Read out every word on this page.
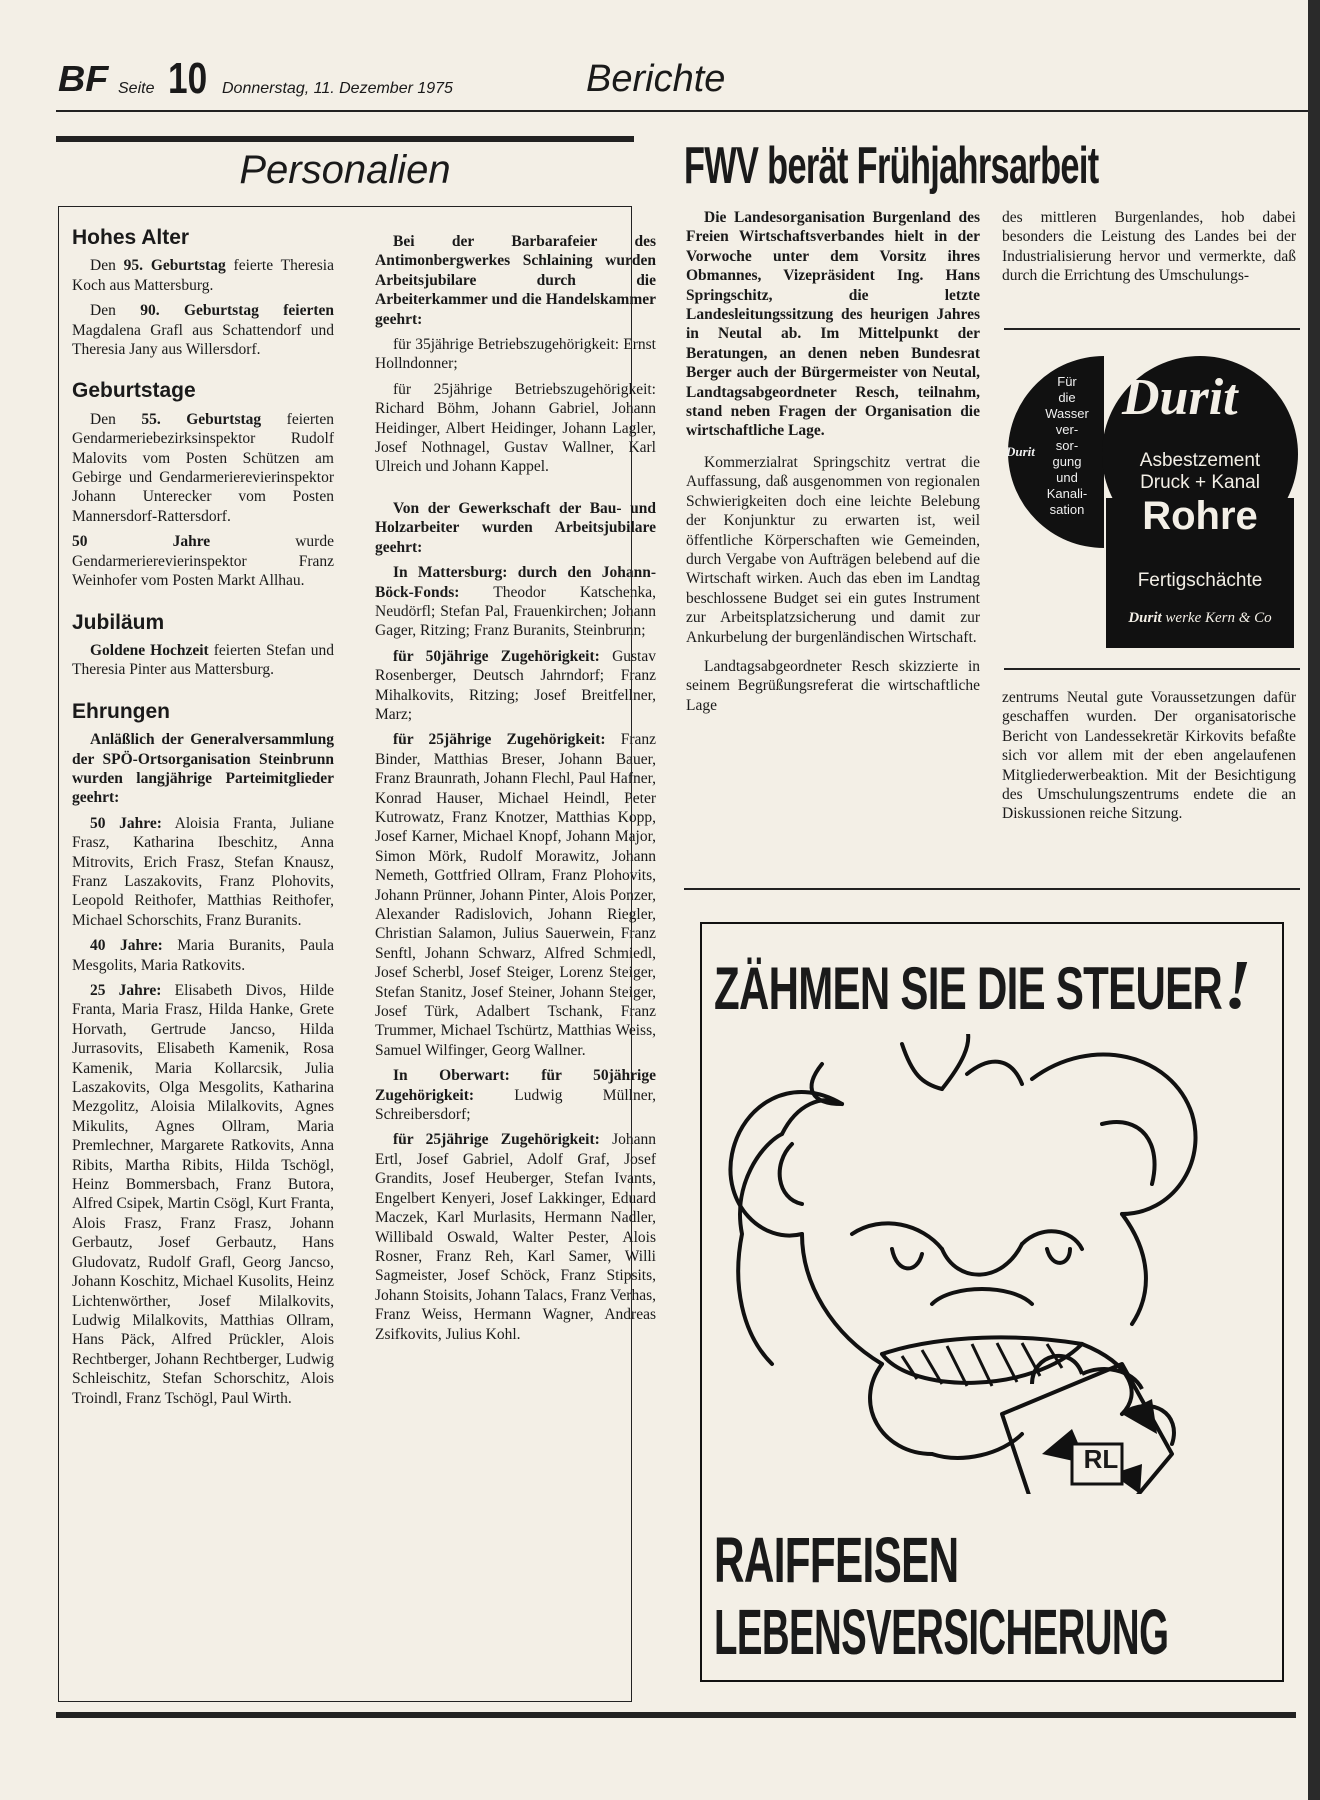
BF Seite 10 Donnerstag, 11. Dezember 1975	Berichte
Personalien
Hohes Alter

Den 95. Geburtstag feierte Theresia Koch aus Mattersburg.

Den 90. Geburtstag feierten Magdalena Grafl aus Schattendorf und Theresia Jany aus Willersdorf.

Geburtstage

Den 55. Geburtstag feierten Gendarmeriebezirksinspektor Rudolf Malovits vom Posten Schützen am Gebirge und Gendarmerierevierinspektor Johann Unterecker vom Posten Mannersdorf-Rattersdorf.

50 Jahre wurde Gendarmerierevierinspektor Franz Weinhofer vom Posten Markt Allhau.

Jubiläum

Goldene Hochzeit feierten Stefan und Theresia Pinter aus Mattersburg.

Ehrungen

Anläßlich der Generalversammlung der SPÖ-Ortsorganisation Steinbrunn wurden langjährige Parteimitglieder geehrt:

50 Jahre: Aloisia Franta, Juliane Frasz, Katharina Ibeschitz, Anna Mitrovits, Erich Frasz, Stefan Knausz, Franz Laszakovits, Franz Plohovits, Leopold Reithofer, Matthias Reithofer, Michael Schorschits, Franz Buranits.

40 Jahre: Maria Buranits, Paula Mesgolits, Maria Ratkovits.

25 Jahre: Elisabeth Divos, Hilde Franta, Maria Frasz, Hilda Hanke, Grete Horvath, Gertrude Jancso, Hilda Jurrasovits, Elisabeth Kamenik, Rosa Kamenik, Maria Kollarcsik, Julia Laszakovits, Olga Mesgolits, Katharina Mezgolitz, Aloisia Milalkovits, Agnes Mikulits, Agnes Ollram, Maria Premlechner, Margarete Ratkovits, Anna Ribits, Martha Ribits, Hilda Tschögl, Heinz Bommersbach, Franz Butora, Alfred Csipek, Martin Csögl, Kurt Franta, Alois Frasz, Franz Frasz, Johann Gerbautz, Josef Gerbautz, Hans Gludovatz, Rudolf Grafl, Georg Jancso, Johann Koschitz, Michael Kusolits, Heinz Lichtenwörther, Josef Milalkovits, Ludwig Milalkovits, Matthias Ollram, Hans Päck, Alfred Prückler, Alois Rechtberger, Johann Rechtberger, Ludwig Schleischitz, Stefan Schorschitz, Alois Troindl, Franz Tschögl, Paul Wirth.

Bei der Barbarafeier des Antimonbergwerkes Schlaining wurden Arbeitsjubilare durch die Arbeiterkammer und die Handelskammer geehrt:

für 35jährige Betriebszugehörigkeit: Ernst Hollndonner;

für 25jährige Betriebszugehörigkeit: Richard Böhm, Johann Gabriel, Johann Heidinger, Albert Heidinger, Johann Lagler, Josef Nothnagel, Gustav Wallner, Karl Ulreich und Johann Kappel.

Von der Gewerkschaft der Bau- und Holzarbeiter wurden Arbeitsjubilare geehrt:

In Mattersburg: durch den Johann-Böck-Fonds: Theodor Katschenka, Neudörfl; Stefan Pal, Frauenkirchen; Johann Gager, Ritzing; Franz Buranits, Steinbrunn;

für 50jährige Zugehörigkeit: Gustav Rosenberger, Deutsch Jahrndorf; Franz Mihalkovits, Ritzing; Josef Breitfellner, Marz;

für 25jährige Zugehörigkeit: Franz Binder, Matthias Breser, Johann Bauer, Franz Braunrath, Johann Flechl, Paul Hafner, Konrad Hauser, Michael Heindl, Peter Kutrowatz, Franz Knotzer, Matthias Kopp, Josef Karner, Michael Knopf, Johann Major, Simon Mörk, Rudolf Morawitz, Johann Nemeth, Gottfried Ollram, Franz Plohovits, Johann Prünner, Johann Pinter, Alois Ponzer, Alexander Radislovich, Johann Riegler, Christian Salamon, Julius Sauerwein, Franz Senftl, Johann Schwarz, Alfred Schmiedl, Josef Scherbl, Josef Steiger, Lorenz Steiger, Stefan Stanitz, Josef Steiner, Johann Steiger, Josef Türk, Adalbert Tschank, Franz Trummer, Michael Tschürtz, Matthias Weiss, Samuel Wilfinger, Georg Wallner.

In Oberwart: für 50jährige Zugehörigkeit: Ludwig Müllner, Schreibersdorf;

für 25jährige Zugehörigkeit: Johann Ertl, Josef Gabriel, Adolf Graf, Josef Grandits, Josef Heuberger, Stefan Ivants, Engelbert Kenyeri, Josef Lakkinger, Eduard Maczek, Karl Murlasits, Hermann Nadler, Willibald Oswald, Walter Pester, Alois Rosner, Franz Reh, Karl Samer, Willi Sagmeister, Josef Schöck, Franz Stipsits, Johann Stoisits, Johann Talacs, Franz Verhas, Franz Weiss, Hermann Wagner, Andreas Zsifkovits, Julius Kohl.

FWV berät Frühjahrsarbeit

Die Landesorganisation Burgenland des Freien Wirtschaftsverbandes hielt in der Vorwoche unter dem Vorsitz ihres Obmannes, Vizepräsident Ing. Hans Springschitz, die letzte Landesleitungssitzung des heurigen Jahres in Neutal ab. Im Mittelpunkt der Beratungen, an denen neben Bundesrat Berger auch der Bürgermeister von Neutal, Landtagsabgeordneter Resch, teilnahm, stand neben Fragen der Organisation die wirtschaftliche Lage.

Kommerzialrat Springschitz vertrat die Auffassung, daß ausgenommen von regionalen Schwierigkeiten doch eine leichte Belebung der Konjunktur zu erwarten ist, weil öffentliche Körperschaften wie Gemeinden, durch Vergabe von Aufträgen belebend auf die Wirtschaft wirken. Auch das eben im Landtag beschlossene Budget sei ein gutes Instrument zur Arbeitsplatzsicherung und damit zur Ankurbelung der burgenländischen Wirtschaft.

Landtagsabgeordneter Resch skizzierte in seinem Begrüßungsreferat die wirtschaftliche Lage

des mittleren Burgenlandes, hob dabei besonders die Leistung des Landes bei der Industrialisierung hervor und vermerkte, daß durch die Errichtung des Umschulungs-
zentrums Neutal gute Voraussetzungen dafür geschaffen wurden. Der organisatorische Bericht von Landessekretär Kirkovits befaßte sich vor allem mit der eben angelaufenen Mitgliederwerbeaktion. Mit der Besichtigung des Umschulungszentrums endete die an Diskussionen reiche Sitzung.
Für
die
Wasser
ver-
sor-
gung
und
Kanali-
sation
Durit
Durit ®
Asbestzement
Druck + Kanal
Rohre
Fertigschächte
Durit werke Kern & Co
ZÄHMEN SIE DIE STEUER !
RL
RAIFFEISEN
LEBENSVERSICHERUNG
